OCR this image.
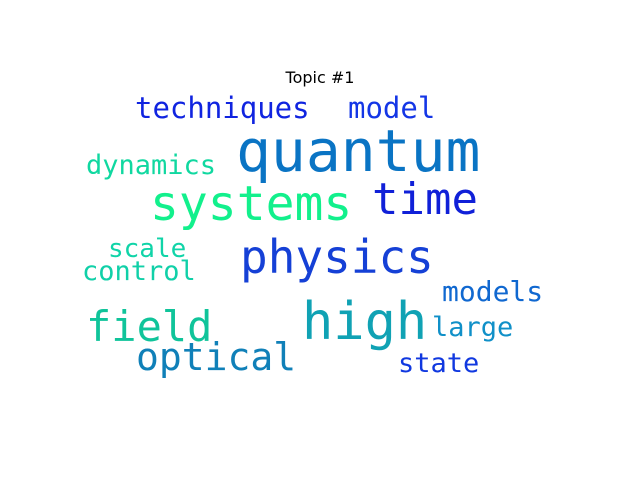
Topic #1
quantum
systems
physics
high
time
field
optical
techniques model
dynamics
scale
control
models
large
state
